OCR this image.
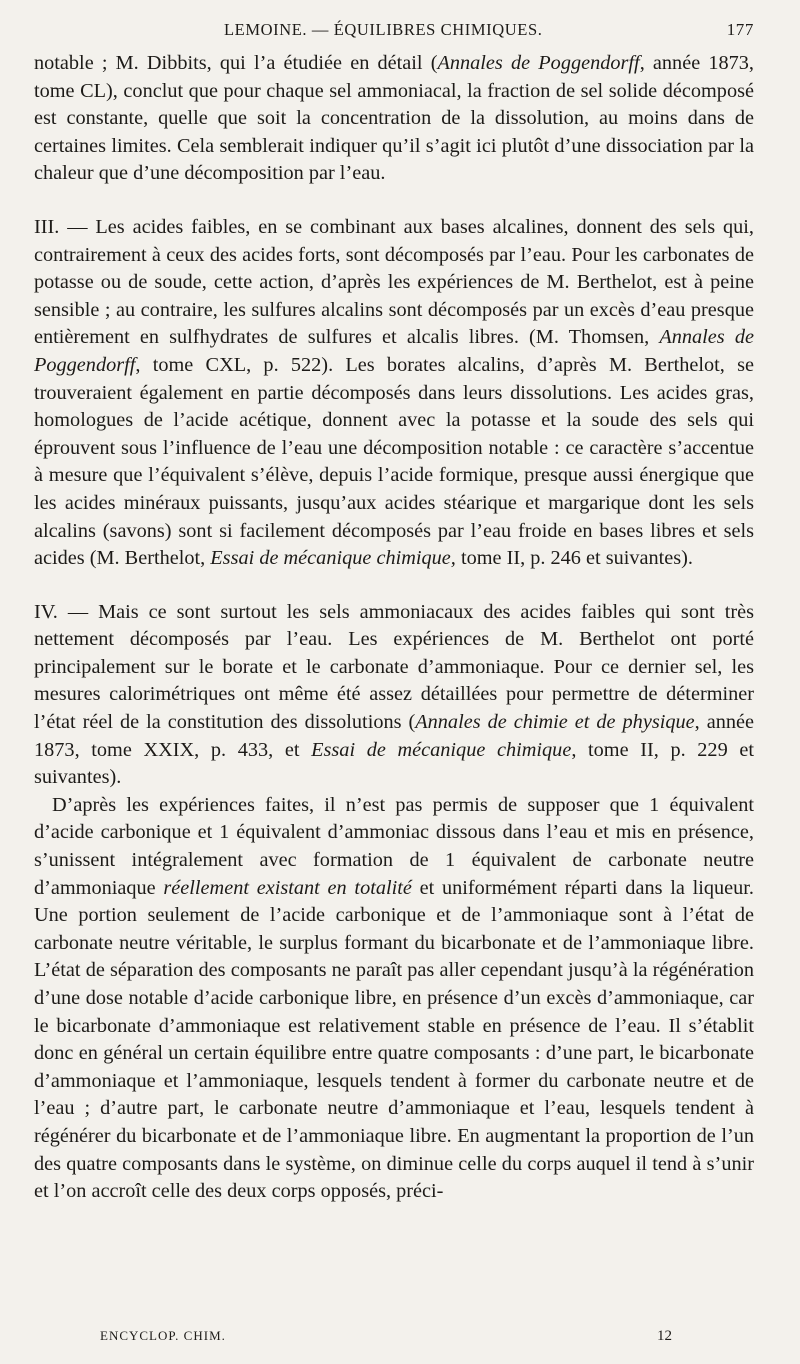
LEMOINE. — ÉQUILIBRES CHIMIQUES.	177

notable ; M. Dibbits, qui l’a étudiée en détail (Annales de Poggendorff, année 1873, tome CL), conclut que pour chaque sel ammoniacal, la fraction de sel solide décomposé est constante, quelle que soit la concentration de la dissolution, au moins dans de certaines limites. Cela semblerait indiquer qu’il s’agit ici plutôt d’une dissociation par la chaleur que d’une décomposition par l’eau.

III. — Les acides faibles, en se combinant aux bases alcalines, donnent des sels qui, contrairement à ceux des acides forts, sont décomposés par l’eau. Pour les carbonates de potasse ou de soude, cette action, d’après les expériences de M. Berthelot, est à peine sensible ; au contraire, les sulfures alcalins sont décomposés par un excès d’eau presque entièrement en sulfhydrates de sulfures et alcalis libres. (M. Thomsen, Annales de Poggendorff, tome CXL, p. 522). Les borates alcalins, d’après M. Berthelot, se trouveraient également en partie décomposés dans leurs dissolutions. Les acides gras, homologues de l’acide acétique, donnent avec la potasse et la soude des sels qui éprouvent sous l’influence de l’eau une décomposition notable : ce caractère s’accentue à mesure que l’équivalent s’élève, depuis l’acide formique, presque aussi énergique que les acides minéraux puissants, jusqu’aux acides stéarique et margarique dont les sels alcalins (savons) sont si facilement décomposés par l’eau froide en bases libres et sels acides (M. Berthelot, Essai de mécanique chimique, tome II, p. 246 et suivantes).

IV. — Mais ce sont surtout les sels ammoniacaux des acides faibles qui sont très nettement décomposés par l’eau. Les expériences de M. Berthelot ont porté principalement sur le borate et le carbonate d’ammoniaque. Pour ce dernier sel, les mesures calorimétriques ont même été assez détaillées pour permettre de déterminer l’état réel de la constitution des dissolutions (Annales de chimie et de physique, année 1873, tome XXIX, p. 433, et Essai de mécanique chimique, tome II, p. 229 et suivantes).

D’après les expériences faites, il n’est pas permis de supposer que 1 équivalent d’acide carbonique et 1 équivalent d’ammoniac dissous dans l’eau et mis en présence, s’unissent intégralement avec formation de 1 équivalent de carbonate neutre d’ammoniaque réellement existant en totalité et uniformément réparti dans la liqueur. Une portion seulement de l’acide carbonique et de l’ammoniaque sont à l’état de carbonate neutre véritable, le surplus formant du bicarbonate et de l’ammoniaque libre. L’état de séparation des composants ne paraît pas aller cependant jusqu’à la régénération d’une dose notable d’acide carbonique libre, en présence d’un excès d’ammoniaque, car le bicarbonate d’ammoniaque est relativement stable en présence de l’eau. Il s’établit donc en général un certain équilibre entre quatre composants : d’une part, le bicarbonate d’ammoniaque et l’ammoniaque, lesquels tendent à former du carbonate neutre et de l’eau ; d’autre part, le carbonate neutre d’ammoniaque et l’eau, lesquels tendent à régénérer du bicarbonate et de l’ammoniaque libre. En augmentant la proportion de l’un des quatre composants dans le système, on diminue celle du corps auquel il tend à s’unir et l’on accroît celle des deux corps opposés, préci-

ENCYCLOP. CHIM.	12
